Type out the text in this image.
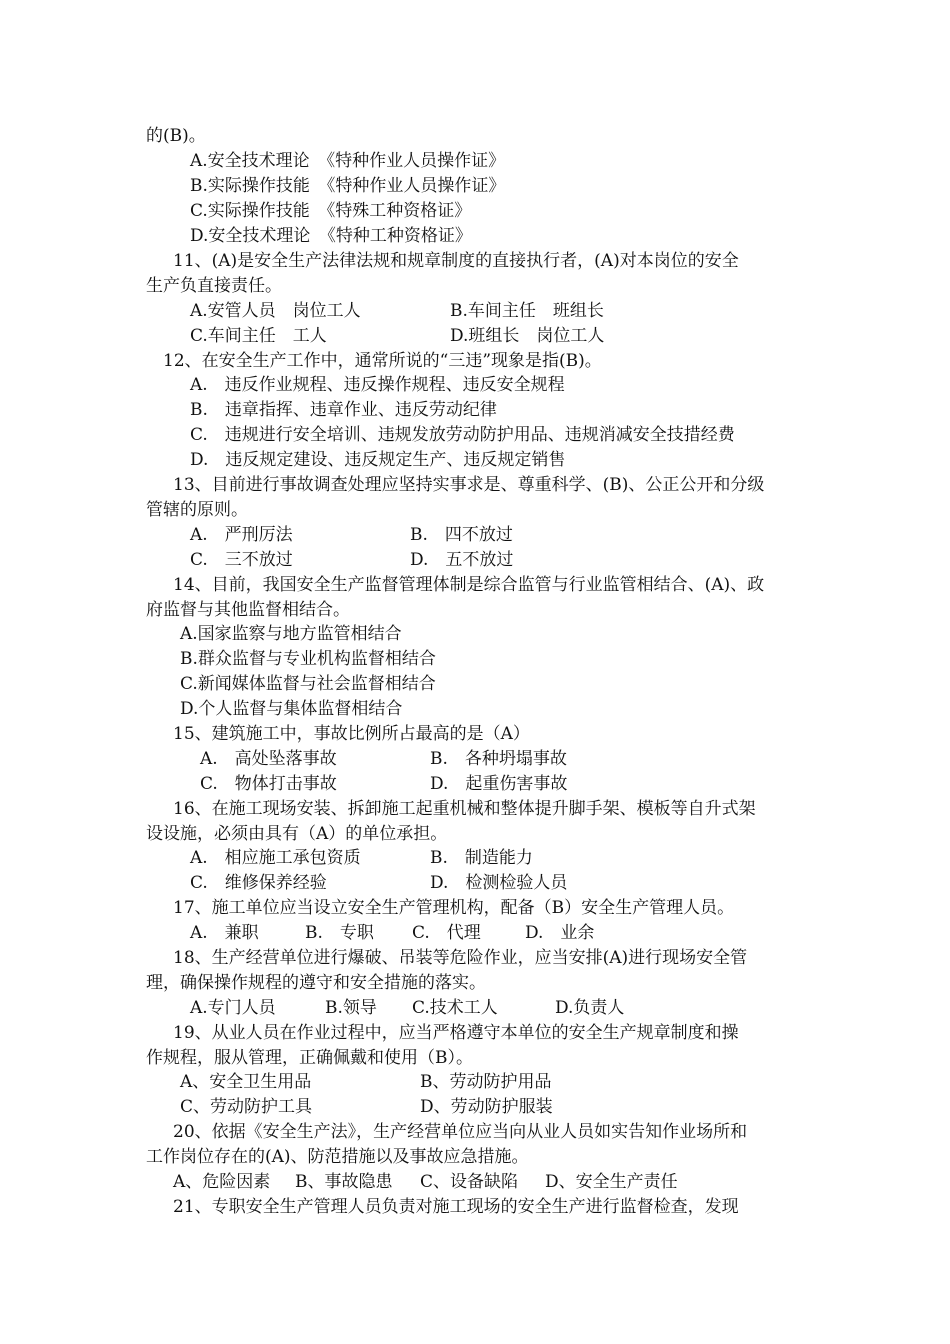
的(B)。
A.安全技术理论　《特种作业人员操作证》
B.实际操作技能　《特种作业人员操作证》
C.实际操作技能　《特殊工种资格证》
D.安全技术理论　《特种工种资格证》
11、(A)是安全生产法律法规和规章制度的直接执行者，(A)对本岗位的安全
生产负直接责任。
A.安管人员　岗位工人	B.车间主任　班组长
C.车间主任　工人	D.班组长　岗位工人
12、在安全生产工作中，通常所说的“三违”现象是指(B)。
A.　违反作业规程、违反操作规程、违反安全规程
B.　违章指挥、违章作业、违反劳动纪律
C.　违规进行安全培训、违规发放劳动防护用品、违规消减安全技措经费
D.　违反规定建设、违反规定生产、违反规定销售
13、目前进行事故调查处理应坚持实事求是、尊重科学、(B)、公正公开和分级
管辖的原则。
A.　严刑厉法	B.　四不放过
C.　三不放过	D.　五不放过
14、目前，我国安全生产监督管理体制是综合监管与行业监管相结合、(A)、政
府监督与其他监督相结合。
A.国家监察与地方监管相结合
B.群众监督与专业机构监督相结合
C.新闻媒体监督与社会监督相结合
D.个人监督与集体监督相结合
15、建筑施工中，事故比例所占最高的是（A）
A.　高处坠落事故	B.　各种坍塌事故
C.　物体打击事故	D.　起重伤害事故
16、在施工现场安装、拆卸施工起重机械和整体提升脚手架、模板等自升式架
设设施，必须由具有（A）的单位承担。
A.　相应施工承包资质	B.　制造能力
C.　维修保养经验	D.　检测检验人员
17、施工单位应当设立安全生产管理机构，配备（B）安全生产管理人员。
A.　兼职	B.　专职 C.　代理	D.　业余
18、生产经营单位进行爆破、吊装等危险作业，应当安排(A)进行现场安全管
理，确保操作规程的遵守和安全措施的落实。
A.专门人员	B.领导 C.技术工人	D.负责人
19、从业人员在作业过程中，应当严格遵守本单位的安全生产规章制度和操
作规程，服从管理，正确佩戴和使用（B）。
A、安全卫生用品	B、劳动防护用品
C、劳动防护工具	D、劳动防护服装
20、依据《安全生产法》，生产经营单位应当向从业人员如实告知作业场所和
工作岗位存在的(A)、防范措施以及事故应急措施。
A、危险因素 B、事故隐患 C、设备缺陷 D、安全生产责任
21、专职安全生产管理人员负责对施工现场的安全生产进行监督检查，发现
